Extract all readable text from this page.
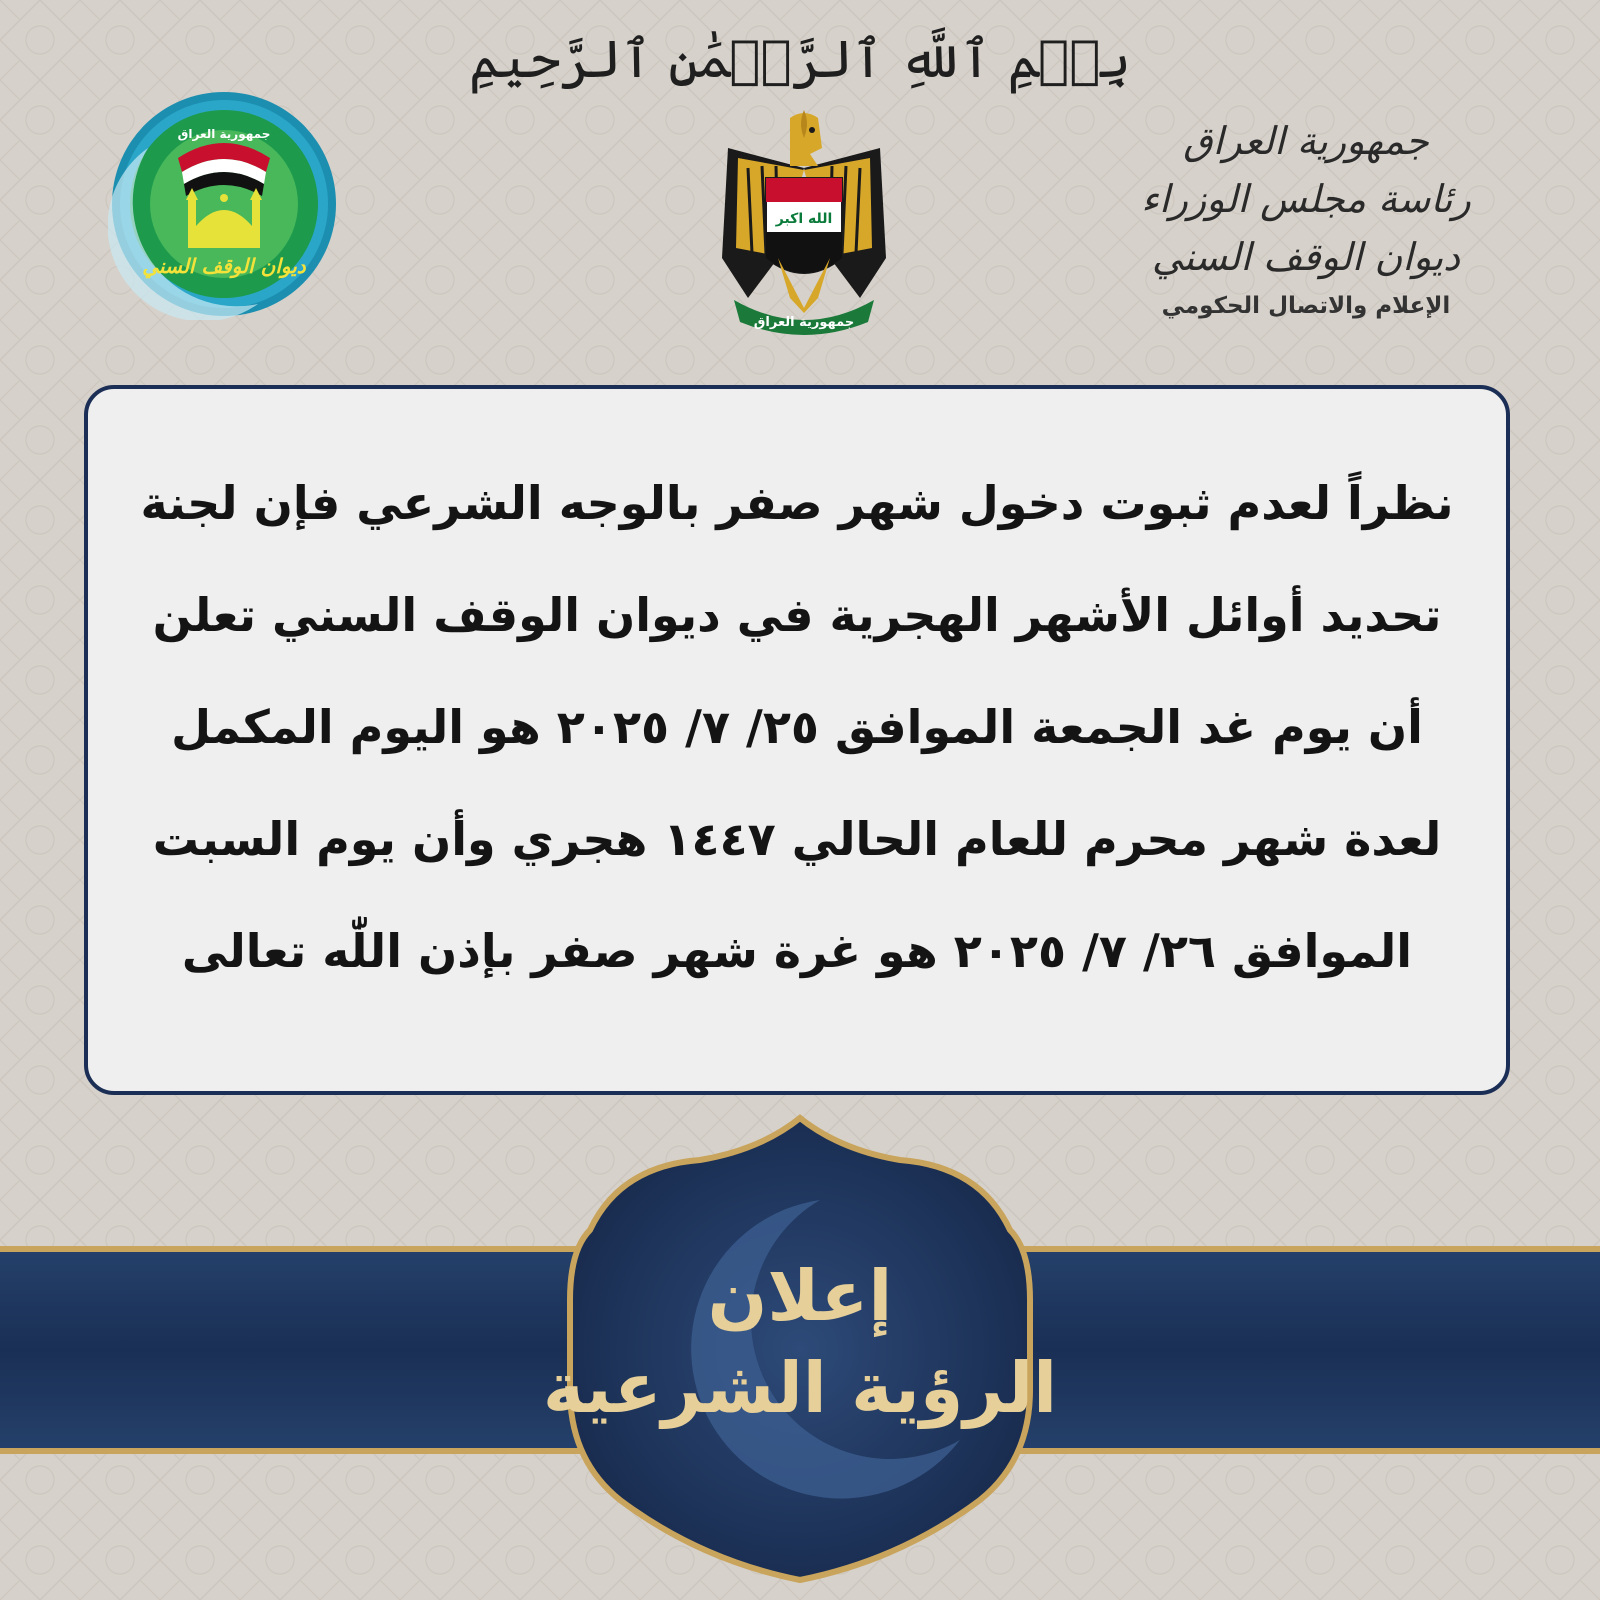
بِسۡمِ ٱللَّهِ ٱلرَّحۡمَٰنِ ٱلرَّحِيمِ
الله اكبر
جمهورية العراق
جمهورية العراق
ديوان الوقف السني
جمهورية العراق
رئاسة مجلس الوزراء
ديوان الوقف السني
الإعلام والاتصال الحكومي

نظراً لعدم ثبوت دخول شهر صفر بالوجه الشرعي فإن لجنة تحديد أوائل الأشهر الهجرية في ديوان الوقف السني تعلن أن يوم غد الجمعة الموافق ٢٥/ ٧/ ٢٠٢٥ هو اليوم المكمل لعدة شهر محرم للعام الحالي ١٤٤٧ هجري وأن يوم السبت الموافق ٢٦/ ٧/ ٢٠٢٥ هو غرة شهر صفر بإذن اللّٰه تعالى

إعلان
الرؤية الشرعية
